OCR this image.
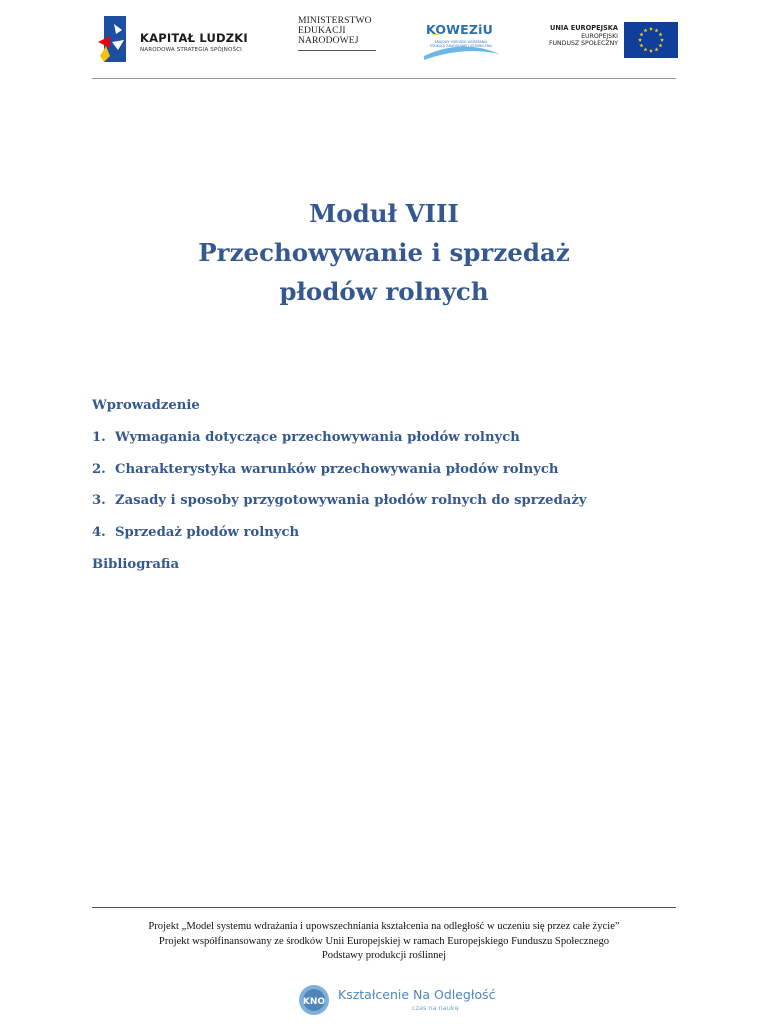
KAPITAŁ LUDZKI
NARODOWA STRATEGIA SPÓJNOŚCI
MINISTERSTWO
EDUKACJI
NARODOWEJ
KOWEZiU
KRAJOWY OŚRODEK WSPIERANIA EDUKACJI ZAWODOWEJ I USTAWICZNEJ
UNIA EUROPEJSKA
EUROPEJSKI
FUNDUSZ SPOŁECZNY
Moduł VIII
Przechowywanie i sprzedaż
płodów rolnych
Wprowadzenie
1. Wymagania dotyczące przechowywania płodów rolnych
2. Charakterystyka warunków przechowywania płodów rolnych
3. Zasady i sposoby przygotowywania płodów rolnych do sprzedaży
4. Sprzedaż płodów rolnych
Bibliografia
Projekt „Model systemu wdrażania i upowszechniania kształcenia na odległość w uczeniu się przez całe życie”
Projekt współfinansowany ze środków Unii Europejskiej w ramach Europejskiego Funduszu Społecznego
Podstawy produkcji roślinnej
KNO Kształcenie Na Odległość
czas na naukę
